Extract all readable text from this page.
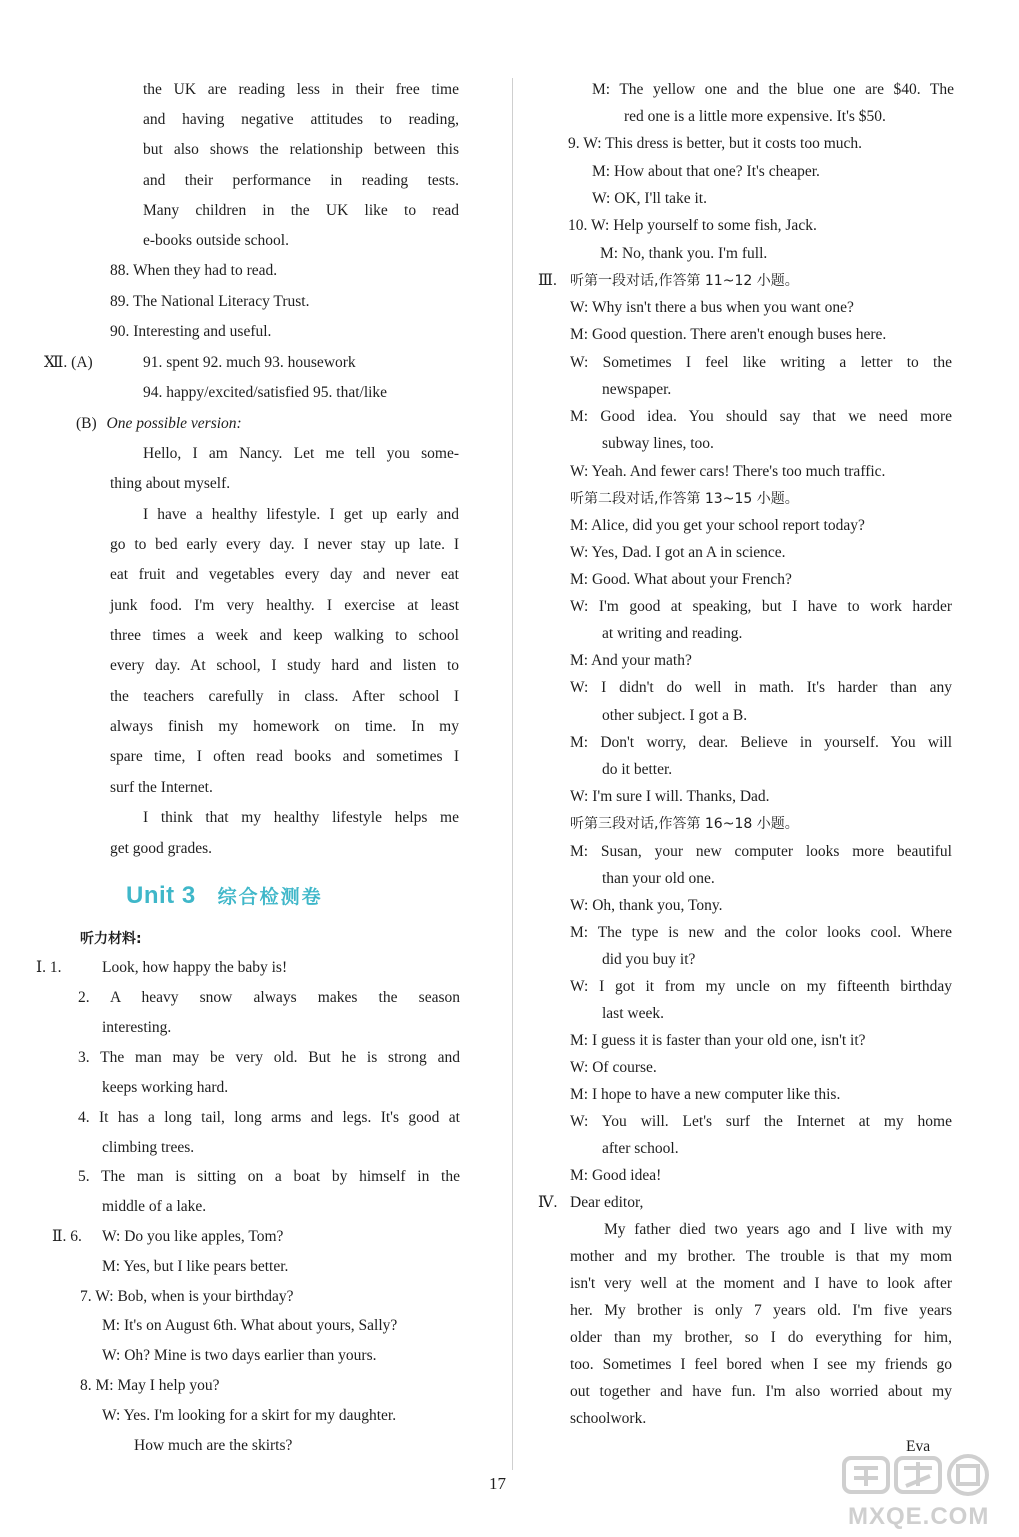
the UK are reading less in their free time
and having negative attitudes to reading,
but also shows the relationship between this
and their performance in reading tests.
Many children in the UK like to read
e-books outside school.
88. When they had to read.
89. The National Literacy Trust.
90. Interesting and useful.
Ⅻ. (A)	91. spent 92. much 93. housework
94. happy/excited/satisfied 95. that/like
(B) One possible version:
Hello, I am Nancy. Let me tell you some-
thing about myself.
I have a healthy lifestyle. I get up early and
go to bed early every day. I never stay up late. I
eat fruit and vegetables every day and never eat
junk food. I'm very healthy. I exercise at least
three times a week and keep walking to school
every day. At school, I study hard and listen to
the teachers carefully in class. After school I
always finish my homework on time. In my
spare time, I often read books and sometimes I
surf the Internet.
I think that my healthy lifestyle helps me
get good grades.
Unit 3 综合检测卷
听力材料:
Ⅰ. 1.	Look, how happy the baby is!
2. A heavy snow always makes the season
interesting.
3. The man may be very old. But he is strong and
keeps working hard.
4. It has a long tail, long arms and legs. It's good at
climbing trees.
5. The man is sitting on a boat by himself in the
middle of a lake.
Ⅱ. 6. W: Do you like apples, Tom?
M: Yes, but I like pears better.
7. W: Bob, when is your birthday?
M: It's on August 6th. What about yours, Sally?
W: Oh? Mine is two days earlier than yours.
8. M: May I help you?
W: Yes. I'm looking for a skirt for my daughter.
How much are the skirts?
M: The yellow one and the blue one are $40. The
red one is a little more expensive. It's $50.
9. W: This dress is better, but it costs too much.
M: How about that one? It's cheaper.
W: OK, I'll take it.
10. W: Help yourself to some fish, Jack.
M: No, thank you. I'm full.
Ⅲ. 听第一段对话,作答第 11~12 小题。
W: Why isn't there a bus when you want one?
M: Good question. There aren't enough buses here.
W: Sometimes I feel like writing a letter to the
newspaper.
M: Good idea. You should say that we need more
subway lines, too.
W: Yeah. And fewer cars! There's too much traffic.
听第二段对话,作答第 13~15 小题。
M: Alice, did you get your school report today?
W: Yes, Dad. I got an A in science.
M: Good. What about your French?
W: I'm good at speaking, but I have to work harder
at writing and reading.
M: And your math?
W: I didn't do well in math. It's harder than any
other subject. I got a B.
M: Don't worry, dear. Believe in yourself. You will
do it better.
W: I'm sure I will. Thanks, Dad.
听第三段对话,作答第 16~18 小题。
M: Susan, your new computer looks more beautiful
than your old one.
W: Oh, thank you, Tony.
M: The type is new and the color looks cool. Where
did you buy it?
W: I got it from my uncle on my fifteenth birthday
last week.
M: I guess it is faster than your old one, isn't it?
W: Of course.
M: I hope to have a new computer like this.
W: You will. Let's surf the Internet at my home
after school.
M: Good idea!
Ⅳ. Dear editor,
My father died two years ago and I live with my
mother and my brother. The trouble is that my mom
isn't very well at the moment and I have to look after
her. My brother is only 7 years old. I'm five years
older than my brother, so I do everything for him,
too. Sometimes I feel bored when I see my friends go
out together and have fun. I'm also worried about my
schoolwork.
Eva
17
MXQE.COM
